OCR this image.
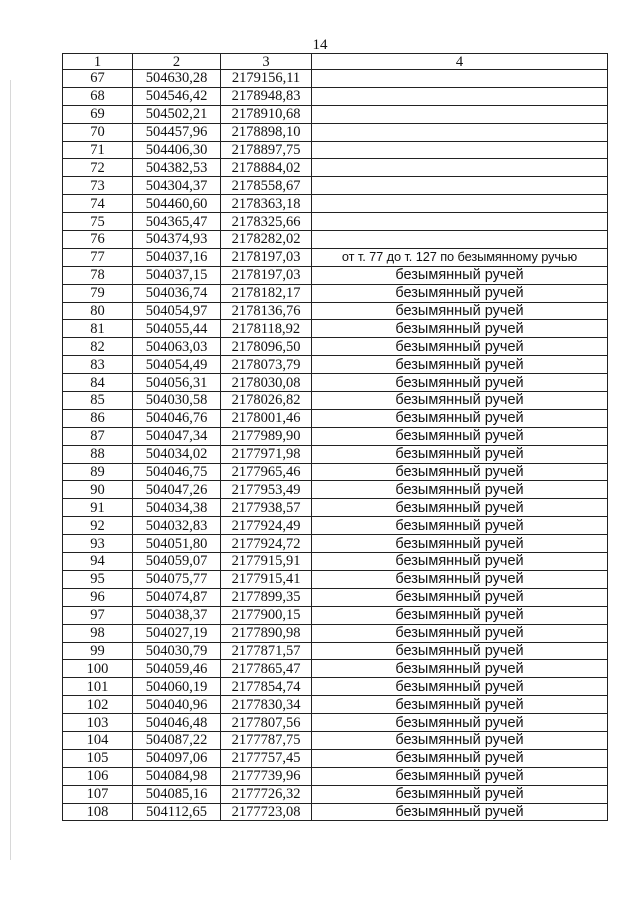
14
1	2	3	4
67	504630,28	2179156,11	
68	504546,42	2178948,83	
69	504502,21	2178910,68	
70	504457,96	2178898,10	
71	504406,30	2178897,75	
72	504382,53	2178884,02	
73	504304,37	2178558,67	
74	504460,60	2178363,18	
75	504365,47	2178325,66	
76	504374,93	2178282,02	
77	504037,16	2178197,03	от т. 77 до т. 127 по безымянному ручью
78	504037,15	2178197,03	безымянный ручей
79	504036,74	2178182,17	безымянный ручей
80	504054,97	2178136,76	безымянный ручей
81	504055,44	2178118,92	безымянный ручей
82	504063,03	2178096,50	безымянный ручей
83	504054,49	2178073,79	безымянный ручей
84	504056,31	2178030,08	безымянный ручей
85	504030,58	2178026,82	безымянный ручей
86	504046,76	2178001,46	безымянный ручей
87	504047,34	2177989,90	безымянный ручей
88	504034,02	2177971,98	безымянный ручей
89	504046,75	2177965,46	безымянный ручей
90	504047,26	2177953,49	безымянный ручей
91	504034,38	2177938,57	безымянный ручей
92	504032,83	2177924,49	безымянный ручей
93	504051,80	2177924,72	безымянный ручей
94	504059,07	2177915,91	безымянный ручей
95	504075,77	2177915,41	безымянный ручей
96	504074,87	2177899,35	безымянный ручей
97	504038,37	2177900,15	безымянный ручей
98	504027,19	2177890,98	безымянный ручей
99	504030,79	2177871,57	безымянный ручей
100	504059,46	2177865,47	безымянный ручей
101	504060,19	2177854,74	безымянный ручей
102	504040,96	2177830,34	безымянный ручей
103	504046,48	2177807,56	безымянный ручей
104	504087,22	2177787,75	безымянный ручей
105	504097,06	2177757,45	безымянный ручей
106	504084,98	2177739,96	безымянный ручей
107	504085,16	2177726,32	безымянный ручей
108	504112,65	2177723,08	безымянный ручей
